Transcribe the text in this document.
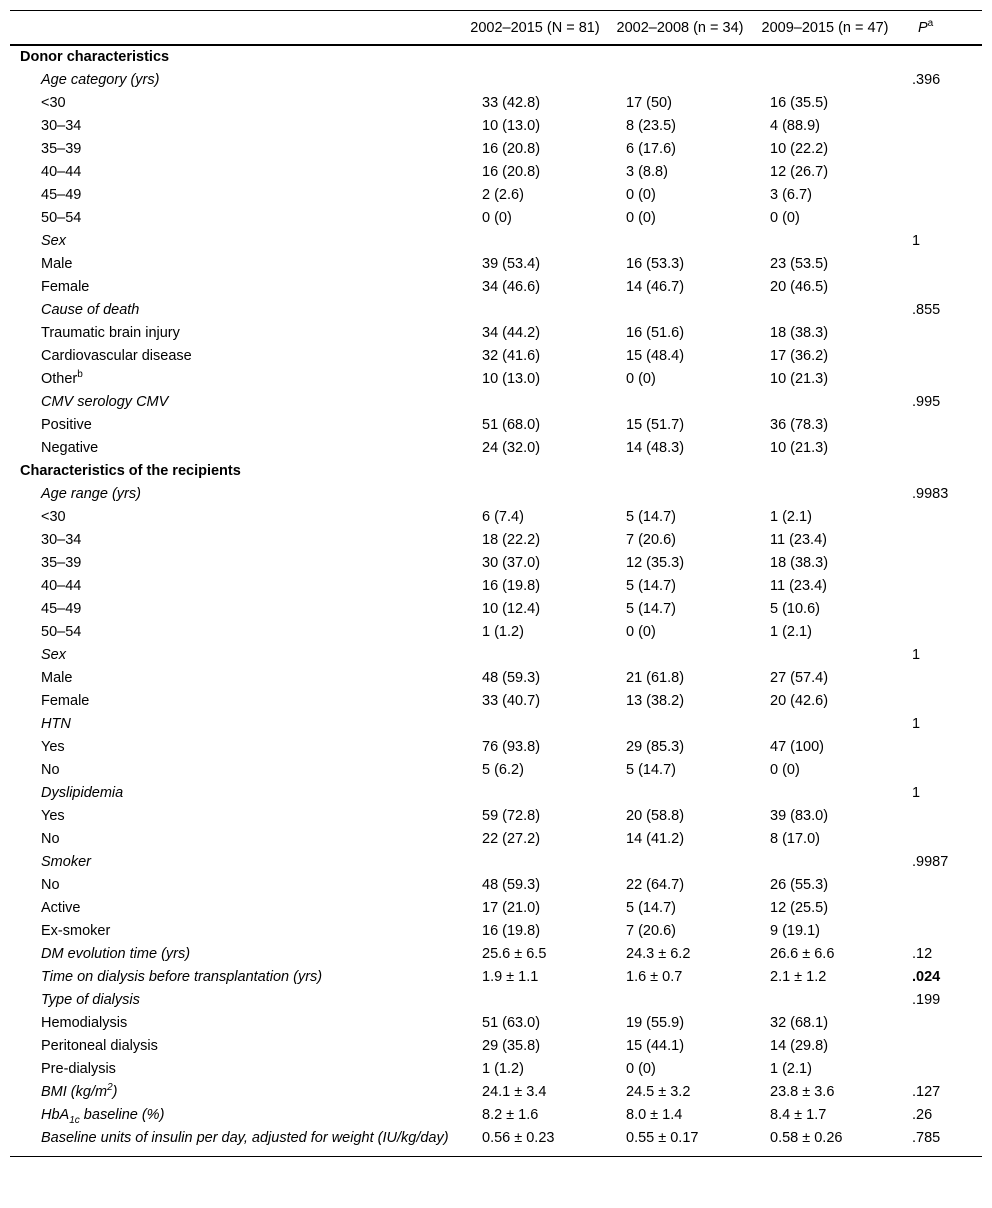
	2002–2015 (N = 81)	2002–2008 (n = 34)	2009–2015 (n = 47)	$P^a$
Donor characteristics				
Age category (yrs)				.396
<30	33 (42.8)	17 (50)	16 (35.5)	
30–34	10 (13.0)	8 (23.5)	4 (88.9)	
35–39	16 (20.8)	6 (17.6)	10 (22.2)	
40–44	16 (20.8)	3 (8.8)	12 (26.7)	
45–49	2 (2.6)	0 (0)	3 (6.7)	
50–54	0 (0)	0 (0)	0 (0)	
Sex				1
Male	39 (53.4)	16 (53.3)	23 (53.5)	
Female	34 (46.6)	14 (46.7)	20 (46.5)	
Cause of death				.855
Traumatic brain injury	34 (44.2)	16 (51.6)	18 (38.3)	
Cardiovascular disease	32 (41.6)	15 (48.4)	17 (36.2)	
Other$^b$	10 (13.0)	0 (0)	10 (21.3)	
CMV serology CMV				.995
Positive	51 (68.0)	15 (51.7)	36 (78.3)	
Negative	24 (32.0)	14 (48.3)	10 (21.3)	
Characteristics of the recipients				
Age range (yrs)				.9983
<30	6 (7.4)	5 (14.7)	1 (2.1)	
30–34	18 (22.2)	7 (20.6)	11 (23.4)	
35–39	30 (37.0)	12 (35.3)	18 (38.3)	
40–44	16 (19.8)	5 (14.7)	11 (23.4)	
45–49	10 (12.4)	5 (14.7)	5 (10.6)	
50–54	1 (1.2)	0 (0)	1 (2.1)	
Sex				1
Male	48 (59.3)	21 (61.8)	27 (57.4)	
Female	33 (40.7)	13 (38.2)	20 (42.6)	
HTN				1
Yes	76 (93.8)	29 (85.3)	47 (100)	
No	5 (6.2)	5 (14.7)	0 (0)	
Dyslipidemia				1
Yes	59 (72.8)	20 (58.8)	39 (83.0)	
No	22 (27.2)	14 (41.2)	8 (17.0)	
Smoker				.9987
No	48 (59.3)	22 (64.7)	26 (55.3)	
Active	17 (21.0)	5 (14.7)	12 (25.5)	
Ex-smoker	16 (19.8)	7 (20.6)	9 (19.1)	
DM evolution time (yrs)	25.6 ± 6.5	24.3 ± 6.2	26.6 ± 6.6	.12
Time on dialysis before transplantation (yrs)	1.9 ± 1.1	1.6 ± 0.7	2.1 ± 1.2	.024
Type of dialysis				.199
Hemodialysis	51 (63.0)	19 (55.9)	32 (68.1)	
Peritoneal dialysis	29 (35.8)	15 (44.1)	14 (29.8)	
Pre-dialysis	1 (1.2)	0 (0)	1 (2.1)	
BMI $(kg/m^2)$	24.1 ± 3.4	24.5 ± 3.2	23.8 ± 3.6	.127
HbA$_{1c}$ baseline (%)	8.2 ± 1.6	8.0 ± 1.4	8.4 ± 1.7	.26
Baseline units of insulin per day, adjusted for weight (IU/kg/day)	0.56 ± 0.23	0.55 ± 0.17	0.58 ± 0.26	.785
